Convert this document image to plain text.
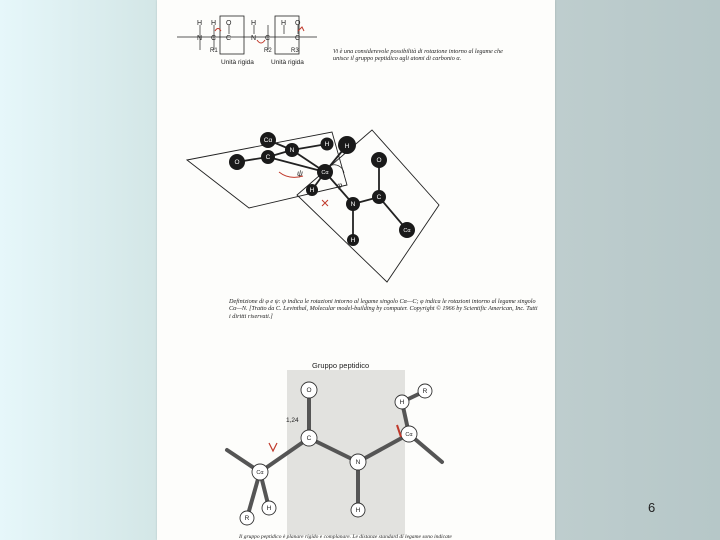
H H O	H	H O
N C C	N C	C
R1	R2	R3
Unità rigida	Unità rigida
Cα
N
H H
O
C
Cα
O
H
N
C
H
Cα
ψ
φ
Gruppo peptidico
1,24
O
C
N
H
Cα
R
H
Cα
R
H
Vi è una considerevole possibilità di rotazione intorno al legame che unisce il gruppo peptidico agli atomi di carbonio α.
Definizione di φ e ψ: ψ indica le rotazioni intorno al legame singolo Cα—C; φ indica le rotazioni intorno al legame singolo Cα—N. [Tratto da C. Levinthal, Molecular model-building by computer. Copyright © 1966 by Scientific American, Inc. Tutti i diritti riservati.]
Il gruppo peptidico è planare rigido e complanare. Le distanze standard di legame sono indicate
6
